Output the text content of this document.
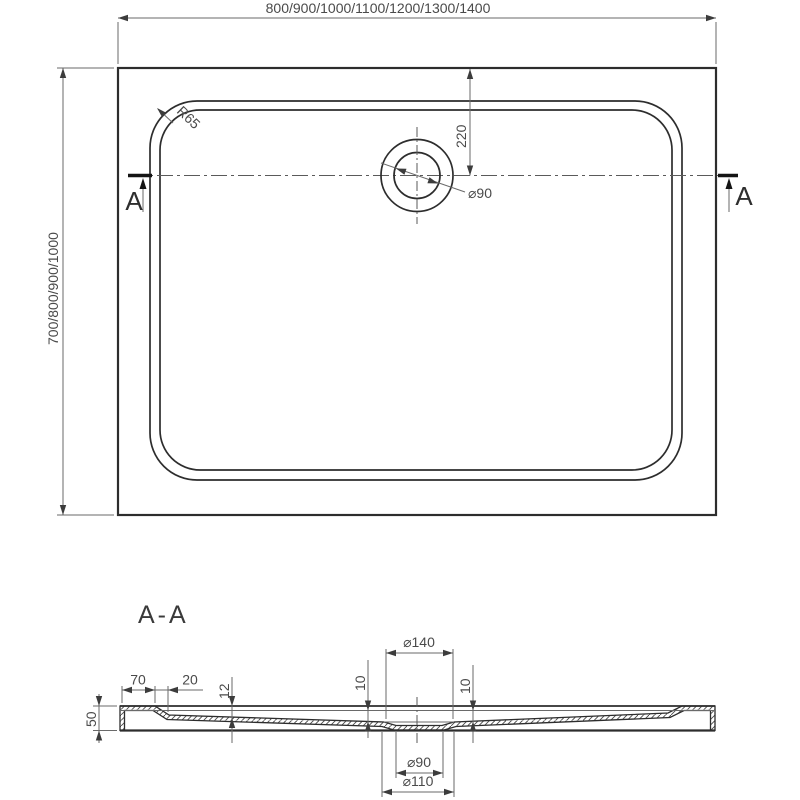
800/900/1000/1100/1200/1300/1400
700/800/900/1000
220
⌀90
R65
A	A
A-A
50
70	20
12
⌀140
10	10
⌀90
⌀110
